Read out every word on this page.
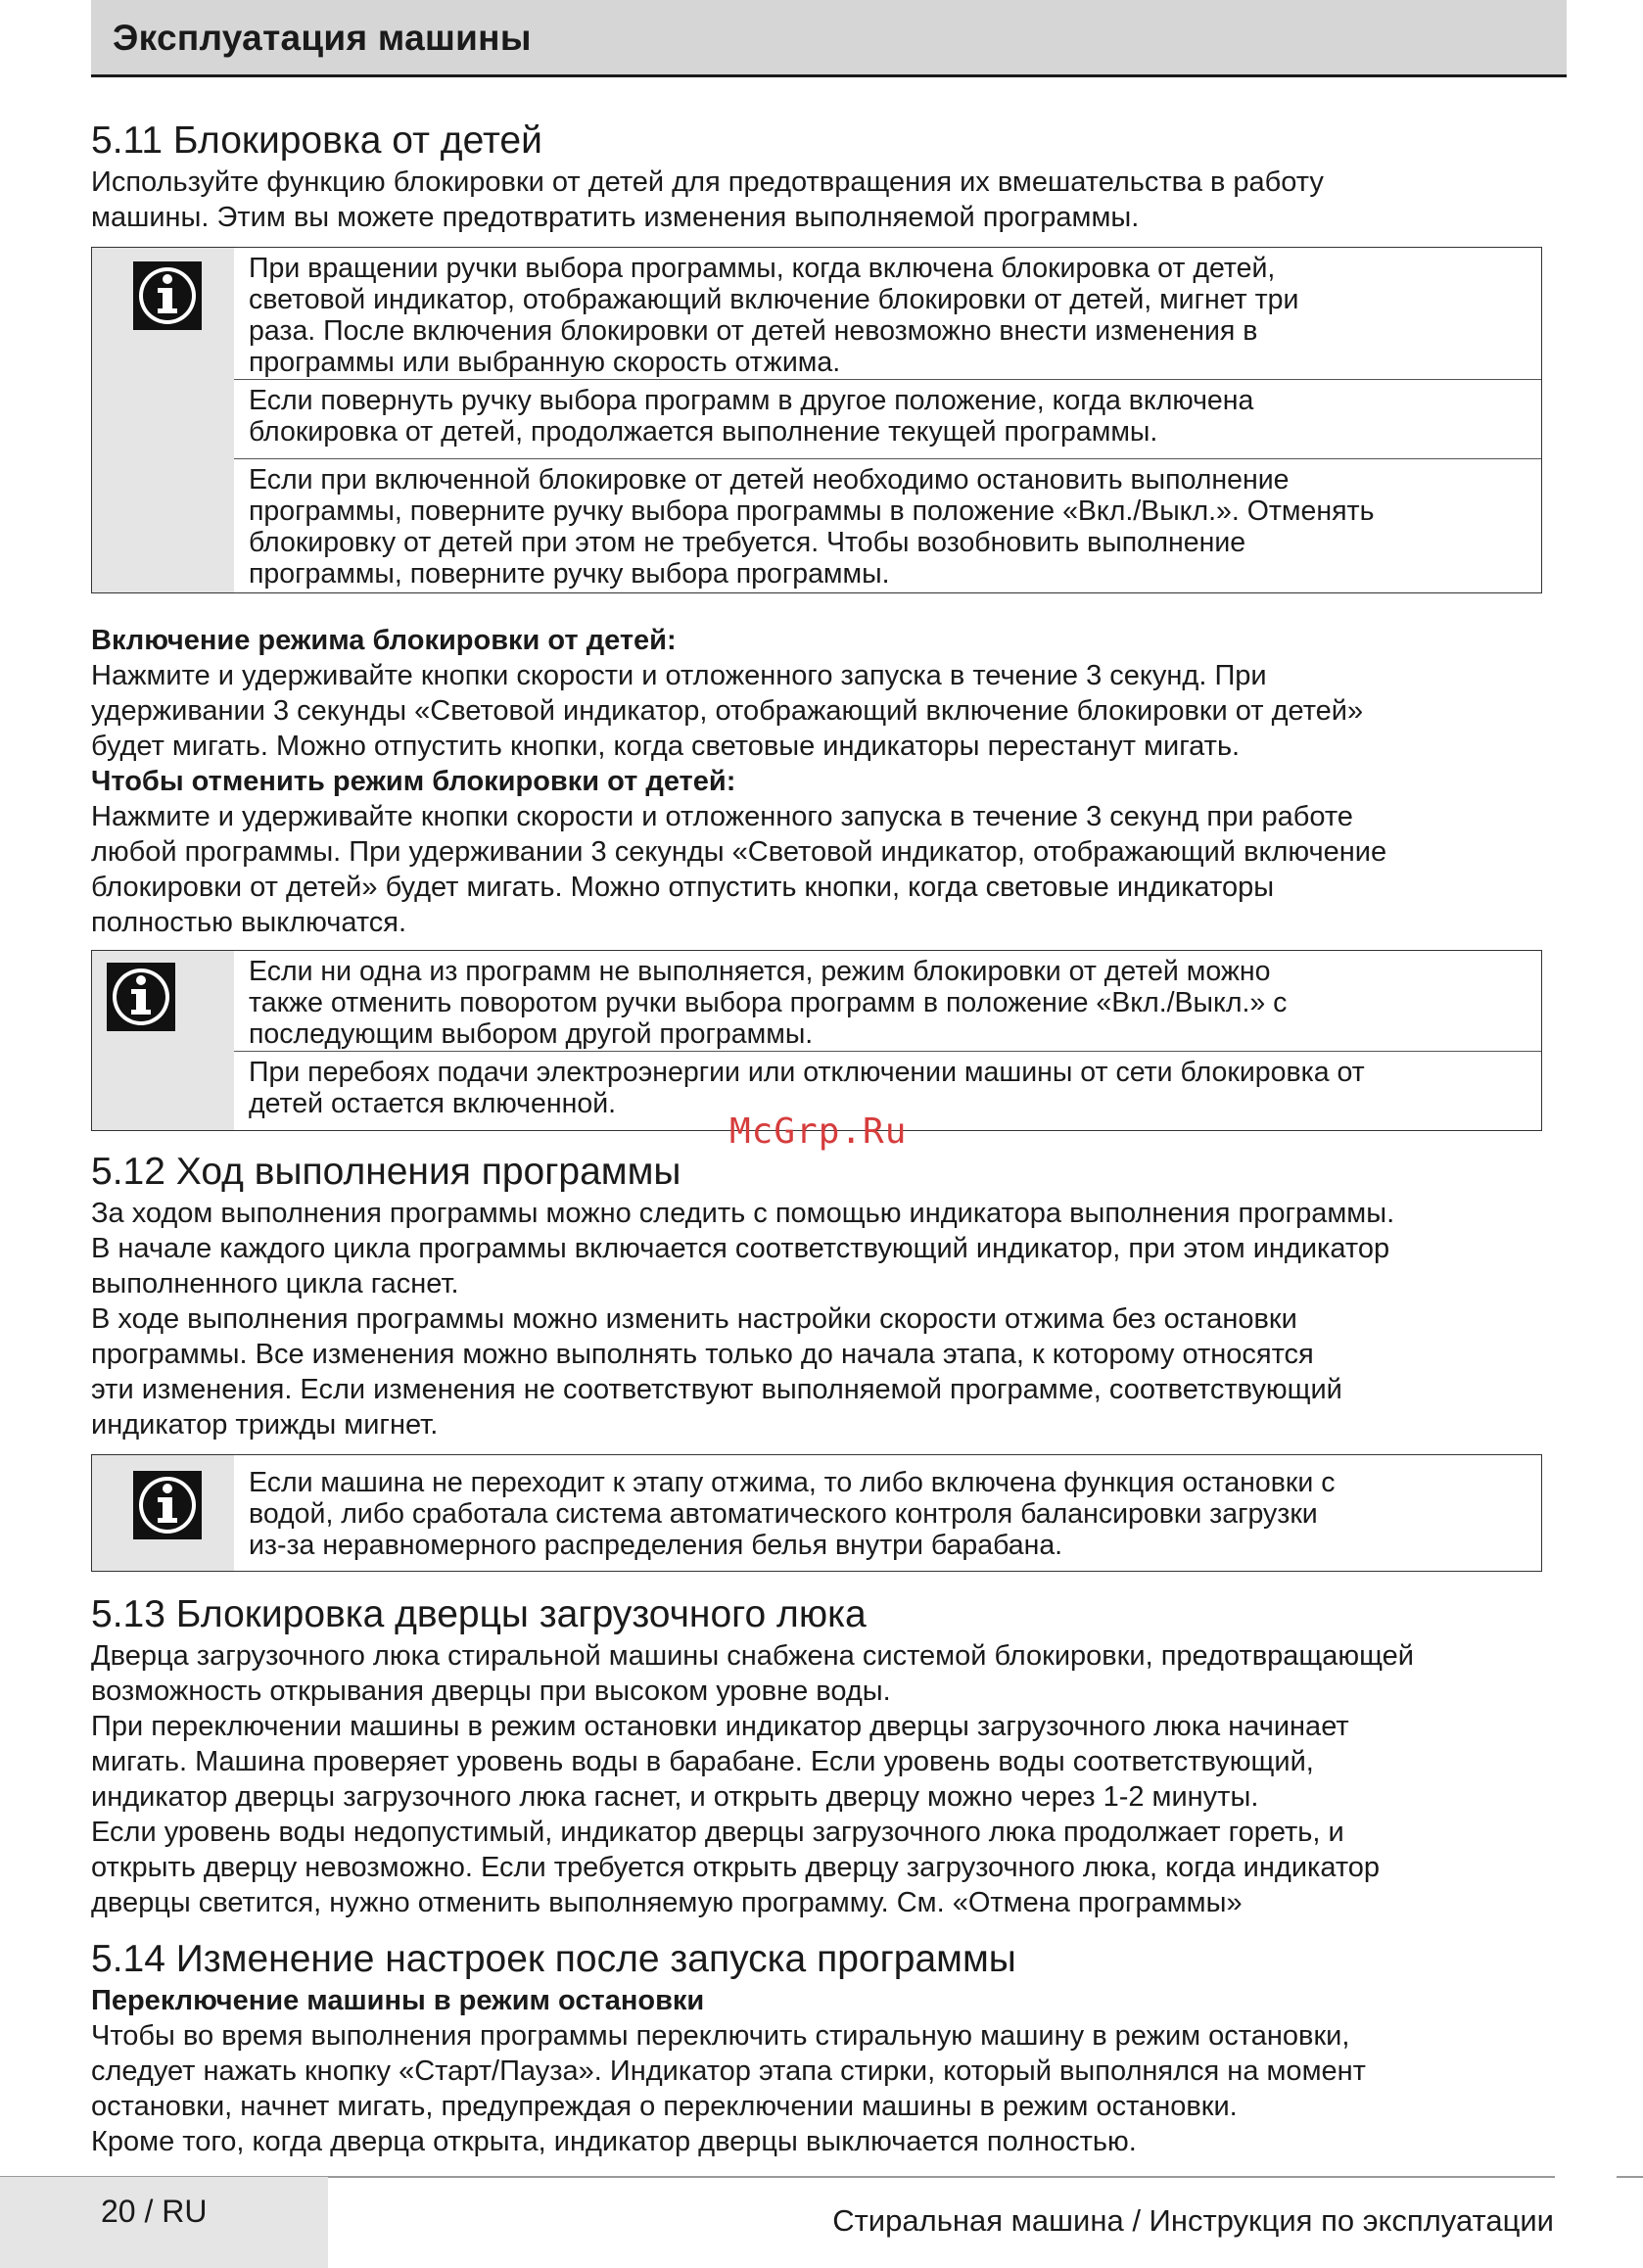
Эксплуатация машины
5.11 Блокировка от детей

Используйте функцию блокировки от детей для предотвращения их вмешательства в работу
машины. Этим вы можете предотвратить изменения выполняемой программы.

При вращении ручки выбора программы, когда включена блокировка от детей,
световой индикатор, отображающий включение блокировки от детей, мигнет три
раза. После включения блокировки от детей невозможно внести изменения в
программы или выбранную скорость отжима.
Если повернуть ручку выбора программ в другое положение, когда включена
блокировка от детей, продолжается выполнение текущей программы.
Если при включенной блокировке от детей необходимо остановить выполнение
программы, поверните ручку выбора программы в положение «Вкл./Выкл.». Отменять
блокировку от детей при этом не требуется. Чтобы возобновить выполнение
программы, поверните ручку выбора программы.

Включение режима блокировки от детей:

Нажмите и удерживайте кнопки скорости и отложенного запуска в течение 3 секунд. При
удерживании 3 секунды «Световой индикатор, отображающий включение блокировки от детей»
будет мигать. Можно отпустить кнопки, когда световые индикаторы перестанут мигать.

Чтобы отменить режим блокировки от детей:

Нажмите и удерживайте кнопки скорости и отложенного запуска в течение 3 секунд при работе
любой программы. При удерживании 3 секунды «Световой индикатор, отображающий включение
блокировки от детей» будет мигать. Можно отпустить кнопки, когда световые индикаторы
полностью выключатся.

Если ни одна из программ не выполняется, режим блокировки от детей можно
также отменить поворотом ручки выбора программ в положение «Вкл./Выкл.» с
последующим выбором другой программы.
При перебоях подачи электроэнергии или отключении машины от сети блокировка от
детей остается включенной.
5.12 Ход выполнения программы

За ходом выполнения программы можно следить с помощью индикатора выполнения программы.
В начале каждого цикла программы включается соответствующий индикатор, при этом индикатор
выполненного цикла гаснет.
В ходе выполнения программы можно изменить настройки скорости отжима без остановки
программы. Все изменения можно выполнять только до начала этапа, к которому относятся
эти изменения. Если изменения не соответствуют выполняемой программе, соответствующий
индикатор трижды мигнет.

Если машина не переходит к этапу отжима, то либо включена функция остановки с
водой, либо сработала система автоматического контроля балансировки загрузки
из-за неравномерного распределения белья внутри барабана.
5.13 Блокировка дверцы загрузочного люка

Дверца загрузочного люка стиральной машины снабжена системой блокировки, предотвращающей
возможность открывания дверцы при высоком уровне воды.
При переключении машины в режим остановки индикатор дверцы загрузочного люка начинает
мигать. Машина проверяет уровень воды в барабане. Если уровень воды соответствующий,
индикатор дверцы загрузочного люка гаснет, и открыть дверцу можно через 1-2 минуты.
Если уровень воды недопустимый, индикатор дверцы загрузочного люка продолжает гореть, и
открыть дверцу невозможно. Если требуется открыть дверцу загрузочного люка, когда индикатор
дверцы светится, нужно отменить выполняемую программу. См. «Отмена программы»

5.14 Изменение настроек после запуска программы

Переключение машины в режим остановки

Чтобы во время выполнения программы переключить стиральную машину в режим остановки,
следует нажать кнопку «Старт/Пауза». Индикатор этапа стирки, который выполнялся на момент
остановки, начнет мигать, предупреждая о переключении машины в режим остановки.
Кроме того, когда дверца открыта, индикатор дверцы выключается полностью.

McGrp.Ru
20 / RU	Стиральная машина / Инструкция по эксплуатации
